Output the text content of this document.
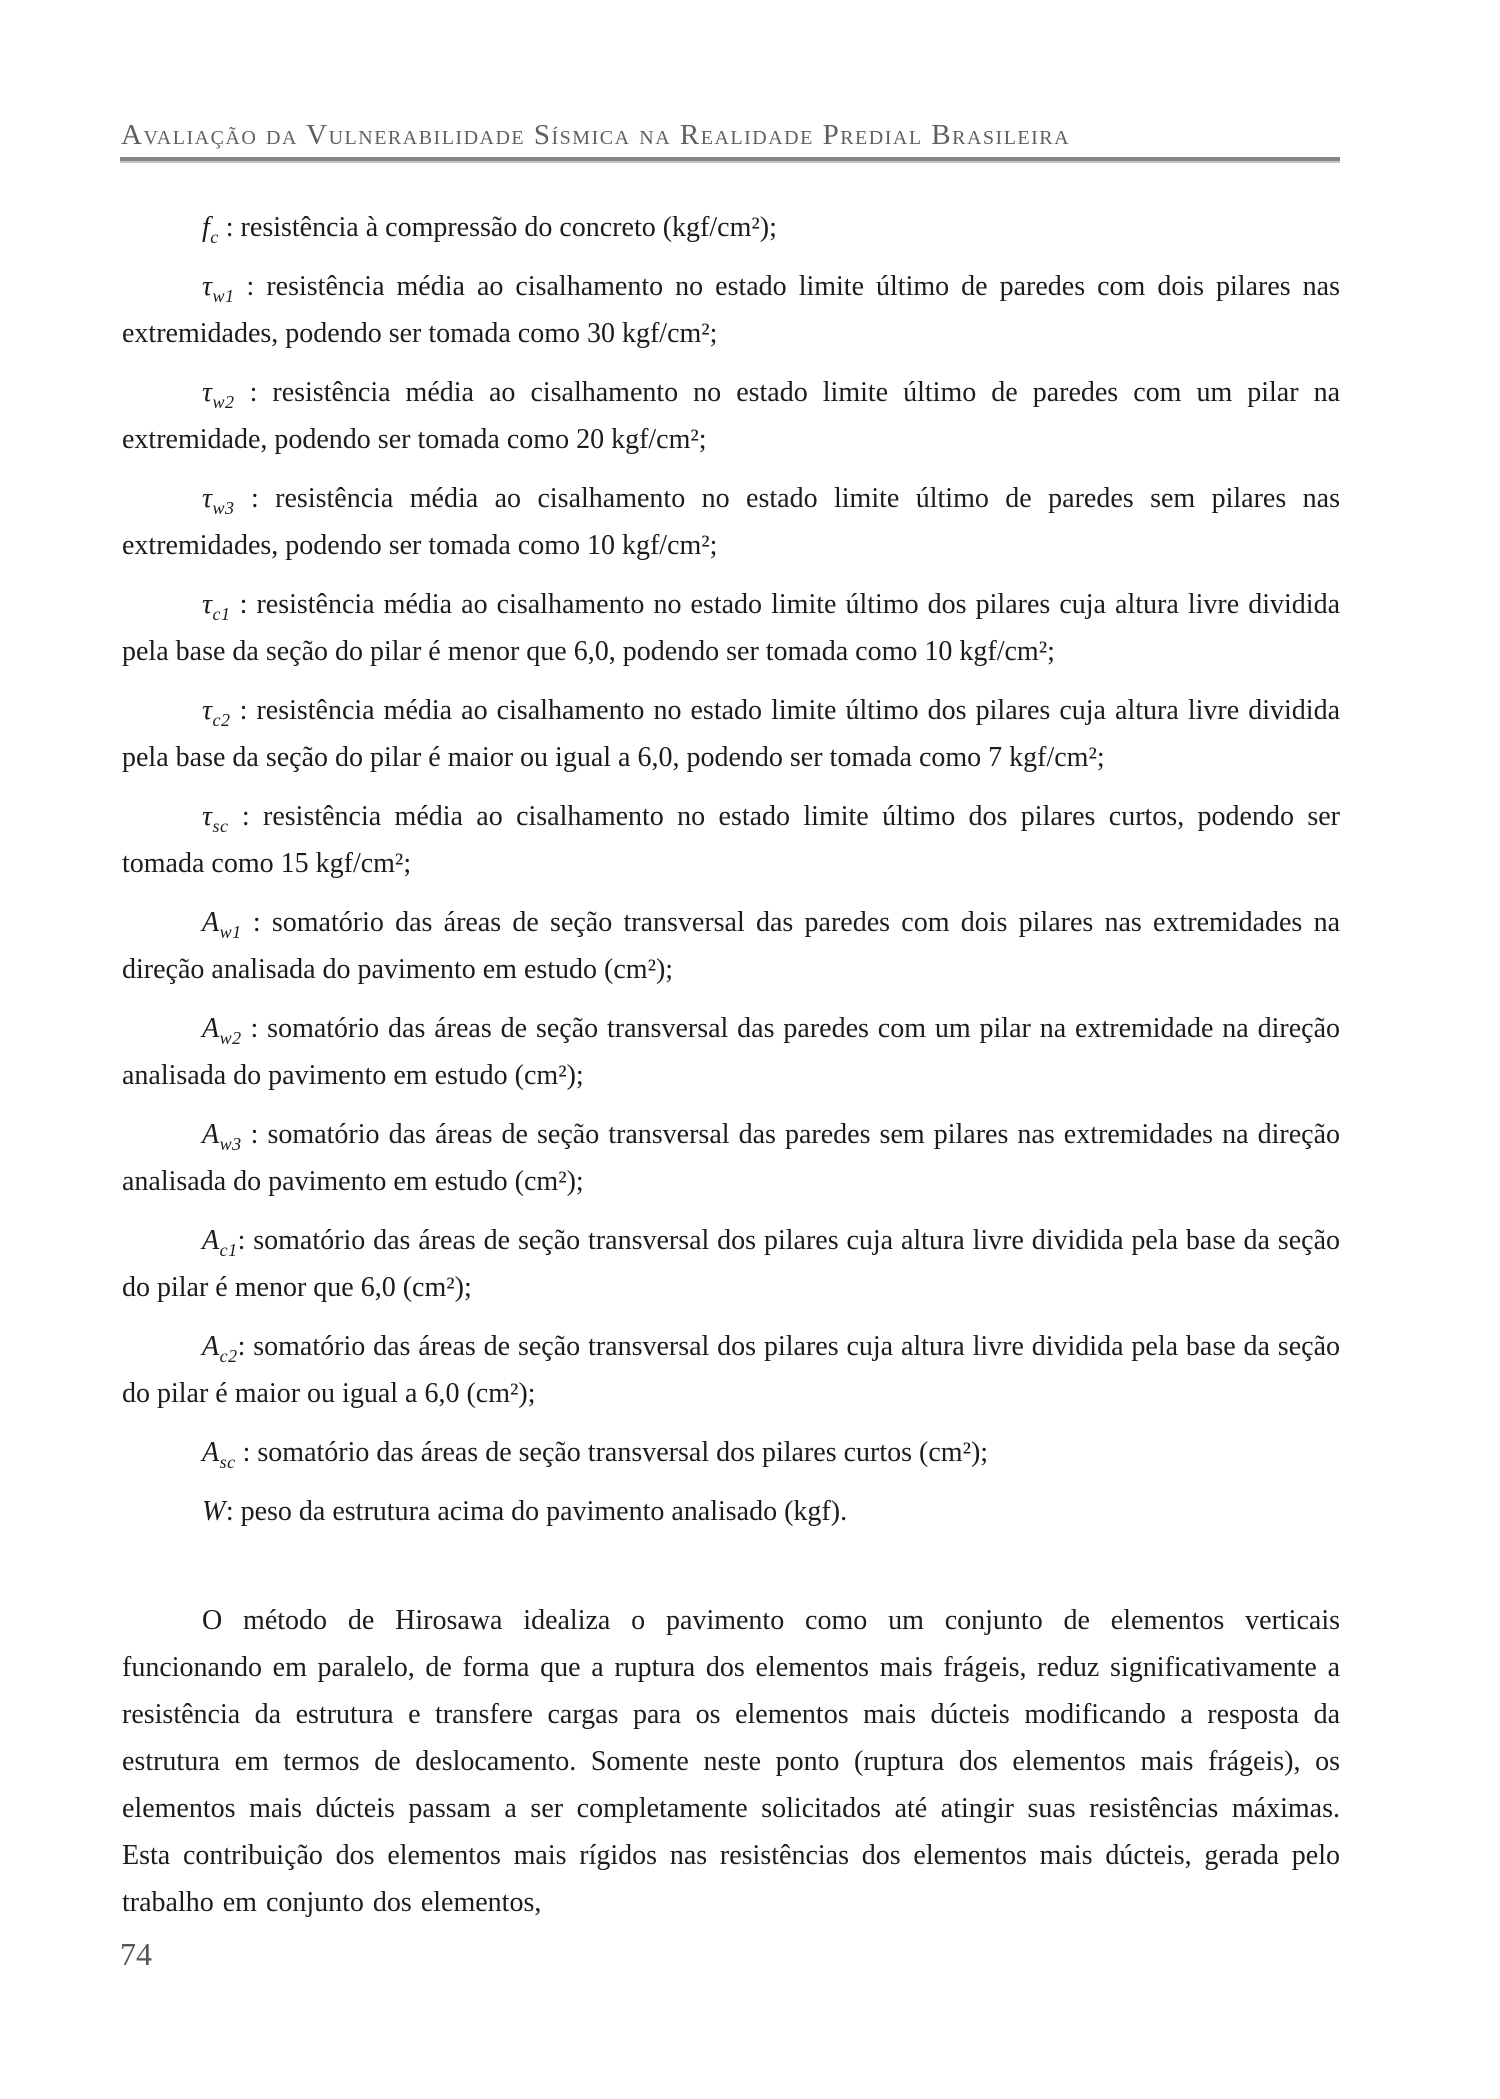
Avaliação da Vulnerabilidade Sísmica na Realidade Predial Brasileira

$f_c$ : resistência à compressão do concreto (kgf/cm²);

$\tau_{w1}$ : resistência média ao cisalhamento no estado limite último de paredes com dois pilares nas extremidades, podendo ser tomada como 30 kgf/cm²;

$\tau_{w2}$ : resistência média ao cisalhamento no estado limite último de paredes com um pilar na extremidade, podendo ser tomada como 20 kgf/cm²;

$\tau_{w3}$ : resistência média ao cisalhamento no estado limite último de paredes sem pilares nas extremidades, podendo ser tomada como 10 kgf/cm²;

$\tau_{c1}$ : resistência média ao cisalhamento no estado limite último dos pilares cuja altura livre dividida pela base da seção do pilar é menor que 6,0, podendo ser tomada como 10 kgf/cm²;

$\tau_{c2}$ : resistência média ao cisalhamento no estado limite último dos pilares cuja altura livre dividida pela base da seção do pilar é maior ou igual a 6,0, podendo ser tomada como 7 kgf/cm²;

$\tau_{sc}$ : resistência média ao cisalhamento no estado limite último dos pilares curtos, podendo ser tomada como 15 kgf/cm²;

$A_{w1}$ : somatório das áreas de seção transversal das paredes com dois pilares nas extremidades na direção analisada do pavimento em estudo (cm²);

$A_{w2}$ : somatório das áreas de seção transversal das paredes com um pilar na extremidade na direção analisada do pavimento em estudo (cm²);

$A_{w3}$ : somatório das áreas de seção transversal das paredes sem pilares nas extremidades na direção analisada do pavimento em estudo (cm²);

$A_{c1}$: somatório das áreas de seção transversal dos pilares cuja altura livre dividida pela base da seção do pilar é menor que 6,0 (cm²);

$A_{c2}$: somatório das áreas de seção transversal dos pilares cuja altura livre dividida pela base da seção do pilar é maior ou igual a 6,0 (cm²);

$A_{sc}$ : somatório das áreas de seção transversal dos pilares curtos (cm²);

W: peso da estrutura acima do pavimento analisado (kgf).

O método de Hirosawa idealiza o pavimento como um conjunto de elementos verticais funcionando em paralelo, de forma que a ruptura dos elementos mais frágeis, reduz significativamente a resistência da estrutura e transfere cargas para os elementos mais dúcteis modificando a resposta da estrutura em termos de deslocamento. Somente neste ponto (ruptura dos elementos mais frágeis), os elementos mais dúcteis passam a ser completamente solicitados até atingir suas resistências máximas. Esta contribuição dos elementos mais rígidos nas resistências dos elementos mais dúcteis, gerada pelo trabalho em conjunto dos elementos,

74
